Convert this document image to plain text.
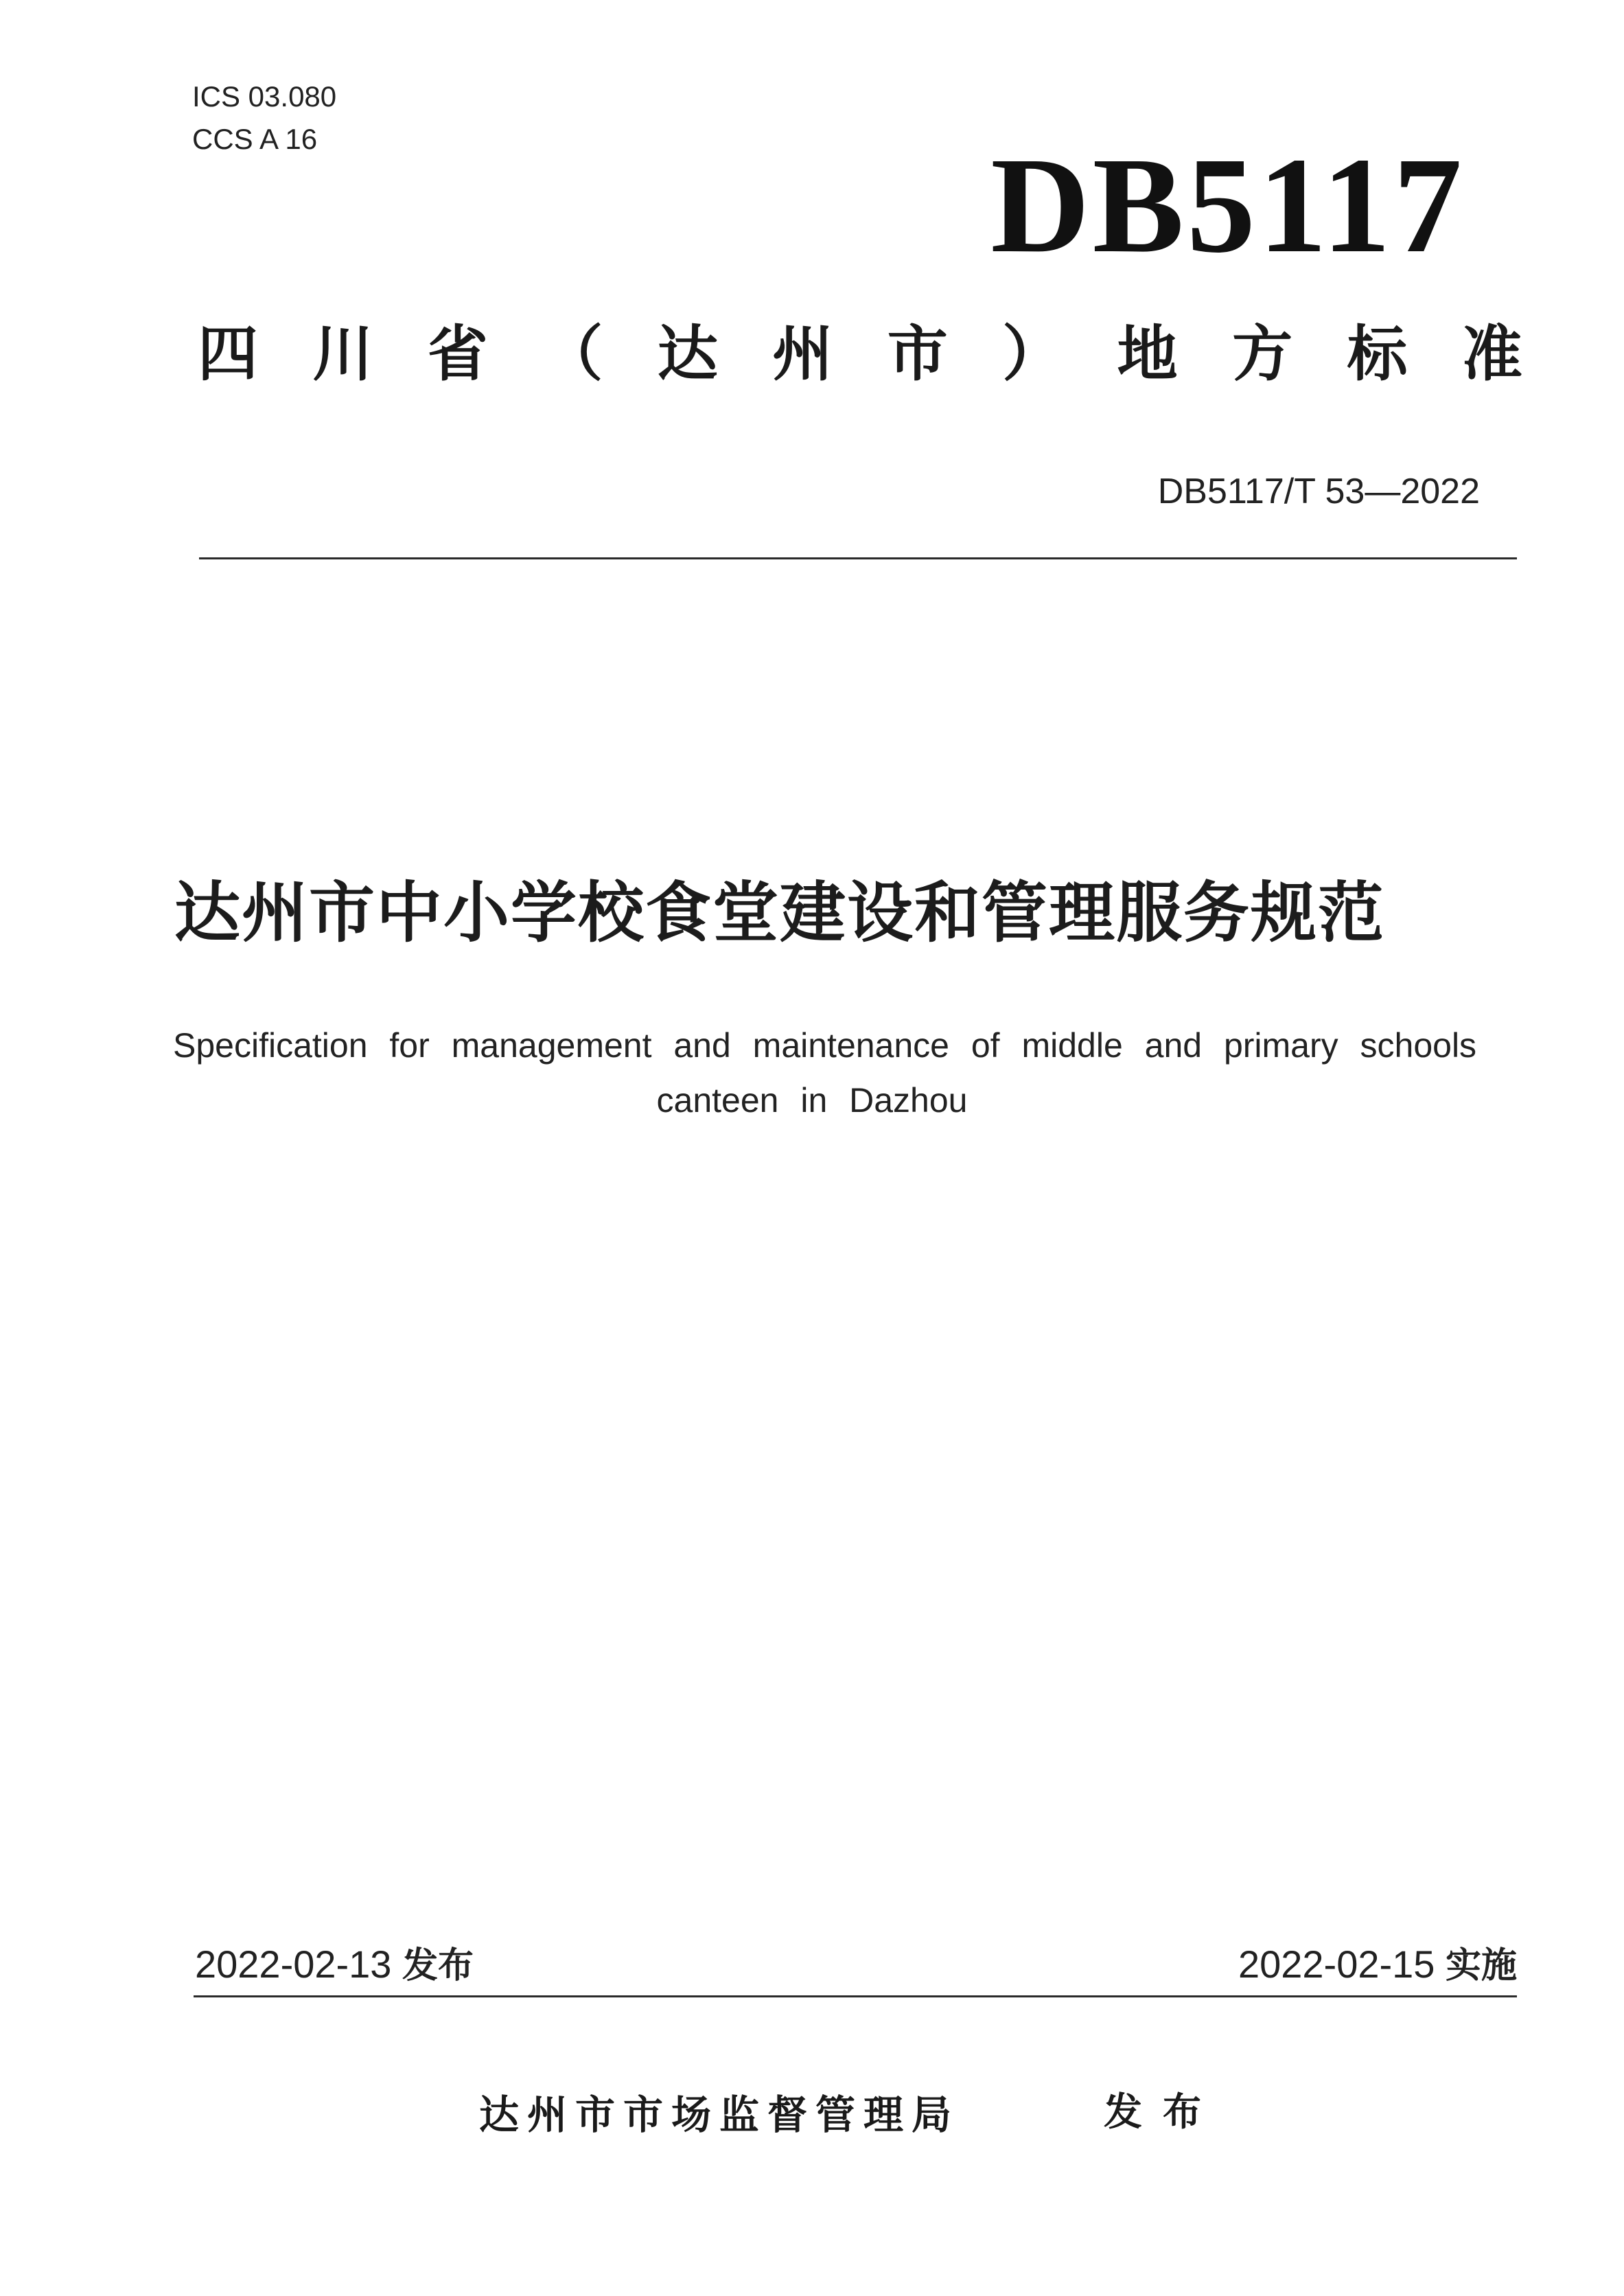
ICS 03.080
CCS A 16	DB5117
四 川 省 （ 达 州 市 ） 地 方 标 准
DB5117/T 53—2022
达州市中小学校食堂建设和管理服务规范
Specification for management and maintenance of middle and primary schools
canteen in Dazhou
2022-02-13 发布	2022-02-15 实施
达州市市场监督管理局	发布
